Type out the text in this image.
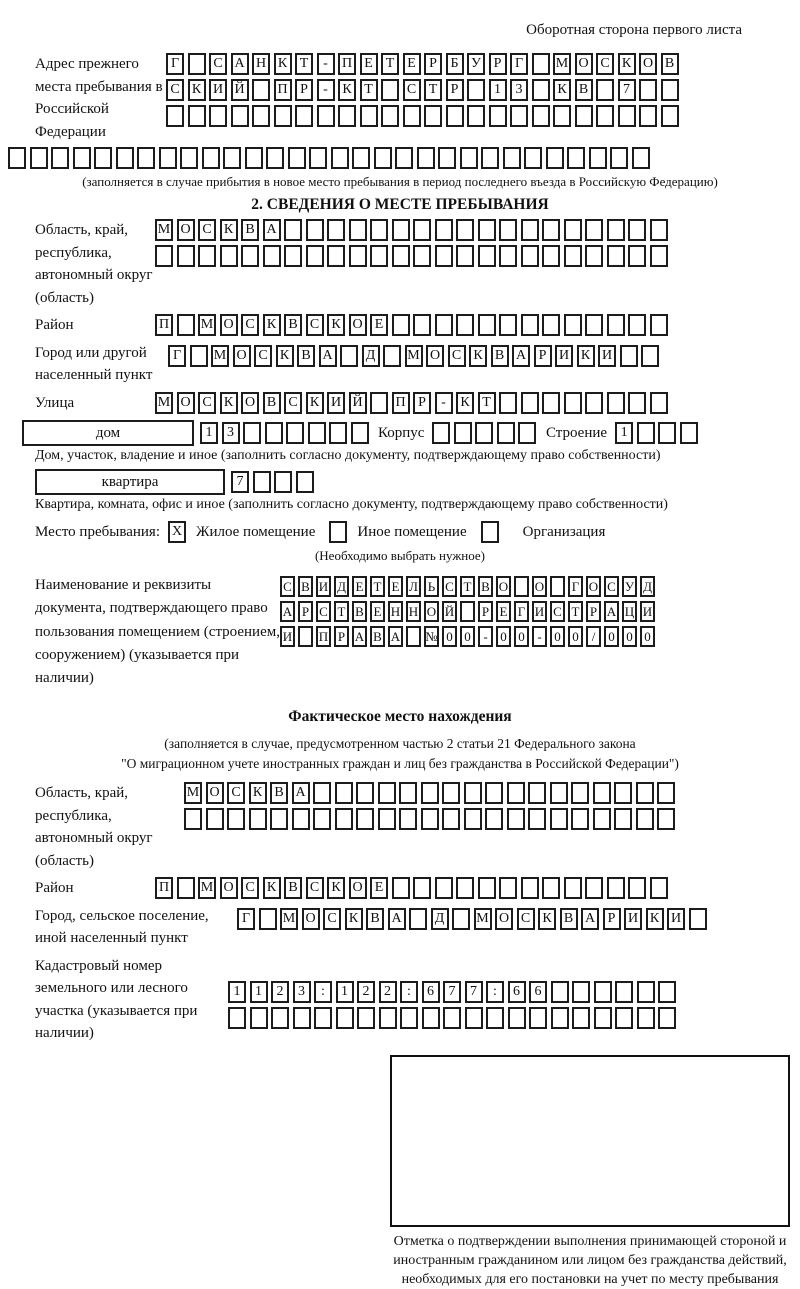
Оборотная сторона первого листа
Адрес прежнего места пребывания в Российской Федерации
Г	С А Н К Т	-	П Е Т Е Р Б У Р Г	М О С К О В
С К И Й П Р	-	К Т	С Т Р	1	3	К В	7
(заполняется в случае прибытия в новое место пребывания в период последнего въезда в Российскую Федерацию)
2. СВЕДЕНИЯ О МЕСТЕ ПРЕБЫВАНИЯ
Область, край, республика, автономный округ (область)
М О С К В А
Район	П М О С К В С К О Е
Город или другой населенный пункт
Г	М О С К В А	Д	М О С К В А Р И К И
Улица	М О С К О В С К И Й П Р	-	К Т
дом	1	3	Корпус	Строение 1
Дом, участок, владение и иное (заполнить согласно документу, подтверждающему право собственности)
квартира	7
Квартира, комната, офис и иное (заполнить согласно документу, подтверждающему право собственности)
Место пребывания: X Жилое помещение	Иное помещение	Организация
(Необходимо выбрать нужное)
Наименование и реквизиты документа, подтверждающего право пользования помещением (строением, сооружением) (указывается при наличии)
С В И Д Е Т Е Л Ь С Т В О О Г О С У Д
А Р С Т В Е Н Н О Й Р Е Г И С Т Р А Ц И
И П Р А В А № 0 0 - 0 0 - 0 0 / 0 0 0
Фактическое место нахождения
(заполняется в случае, предусмотренном частью 2 статьи 21 Федерального закона
"О миграционном учете иностранных граждан и лиц без гражданства в Российской Федерации")
Область, край, республика, автономный округ (область)
М О С К В А
Район	П М О С К В С К О Е
Город, сельское поселение, иной населенный пункт
Г	М О С К В А	Д	М О С К В А Р И К И
Кадастровый номер земельного или лесного участка (указывается при наличии)
1	1	2	3	:	1	2	2	:	6	7	7	:	6	6
Отметка о подтверждении выполнения принимающей стороной и иностранным гражданином или лицом без гражданства действий, необходимых для его постановки на учет по месту пребывания
